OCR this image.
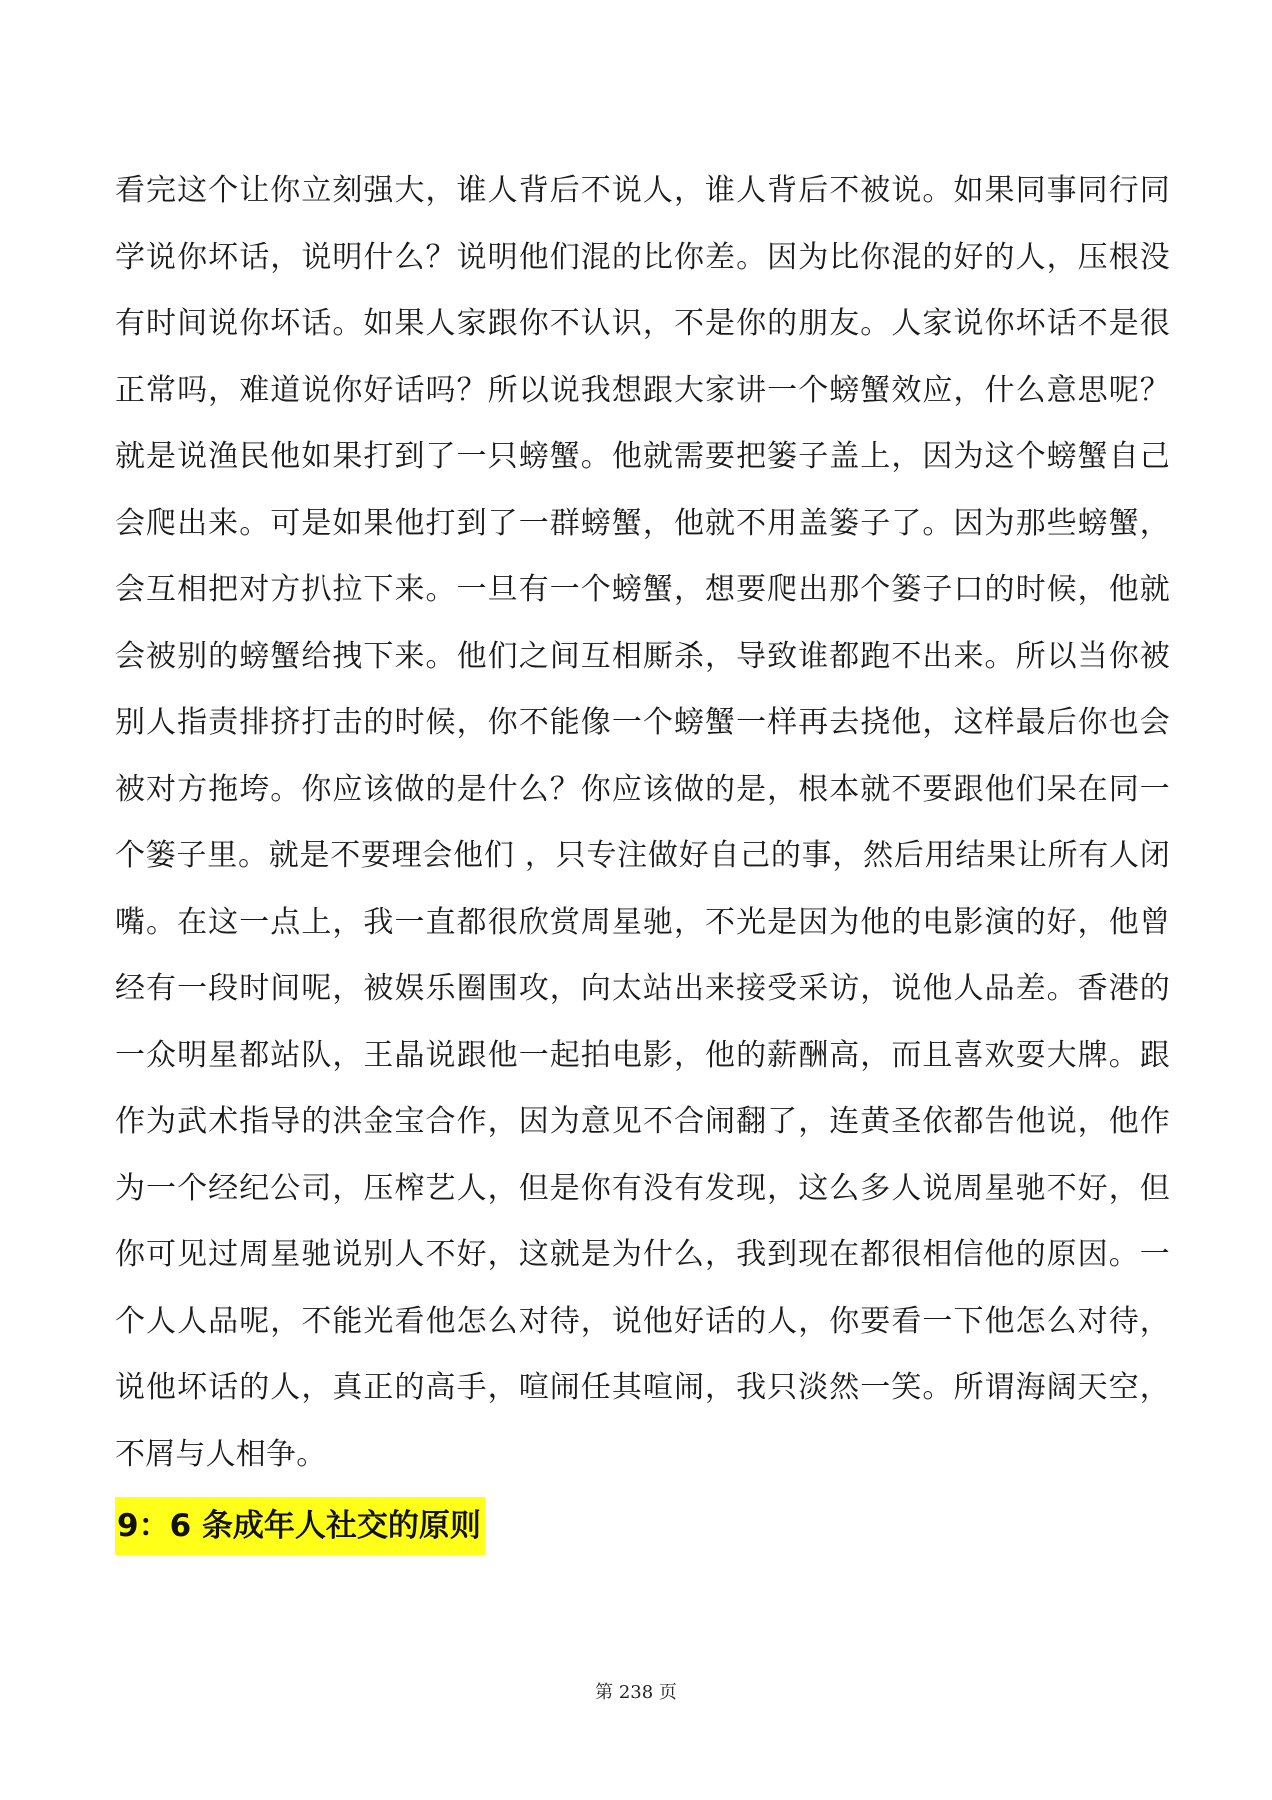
看完这个让你立刻强大，谁人背后不说人，谁人背后不被说。如果同事同行同学说你坏话，说明什么？说明他们混的比你差。因为比你混的好的人，压根没有时间说你坏话。如果人家跟你不认识，不是你的朋友。人家说你坏话不是很正常吗，难道说你好话吗？所以说我想跟大家讲一个螃蟹效应，什么意思呢？就是说渔民他如果打到了一只螃蟹。他就需要把篓子盖上，因为这个螃蟹自己会爬出来。可是如果他打到了一群螃蟹，他就不用盖篓子了。因为那些螃蟹，会互相把对方扒拉下来。一旦有一个螃蟹，想要爬出那个篓子口的时候，他就会被别的螃蟹给拽下来。他们之间互相厮杀，导致谁都跑不出来。所以当你被别人指责排挤打击的时候，你不能像一个螃蟹一样再去挠他，这样最后你也会被对方拖垮。你应该做的是什么？你应该做的是，根本就不要跟他们呆在同一个篓子里。就是不要理会他们 ，只专注做好自己的事，然后用结果让所有人闭嘴。在这一点上，我一直都很欣赏周星驰，不光是因为他的电影演的好，他曾经有一段时间呢，被娱乐圈围攻，向太站出来接受采访，说他人品差。香港的一众明星都站队，王晶说跟他一起拍电影，他的薪酬高，而且喜欢耍大牌。跟作为武术指导的洪金宝合作，因为意见不合闹翻了，连黄圣依都告他说，他作为一个经纪公司，压榨艺人，但是你有没有发现，这么多人说周星驰不好，但你可见过周星驰说别人不好，这就是为什么，我到现在都很相信他的原因。一个人人品呢，不能光看他怎么对待，说他好话的人，你要看一下他怎么对待，说他坏话的人，真正的高手，喧闹任其喧闹，我只淡然一笑。所谓海阔天空，不屑与人相争。

9：6 条成年人社交的原则
第 238 页
